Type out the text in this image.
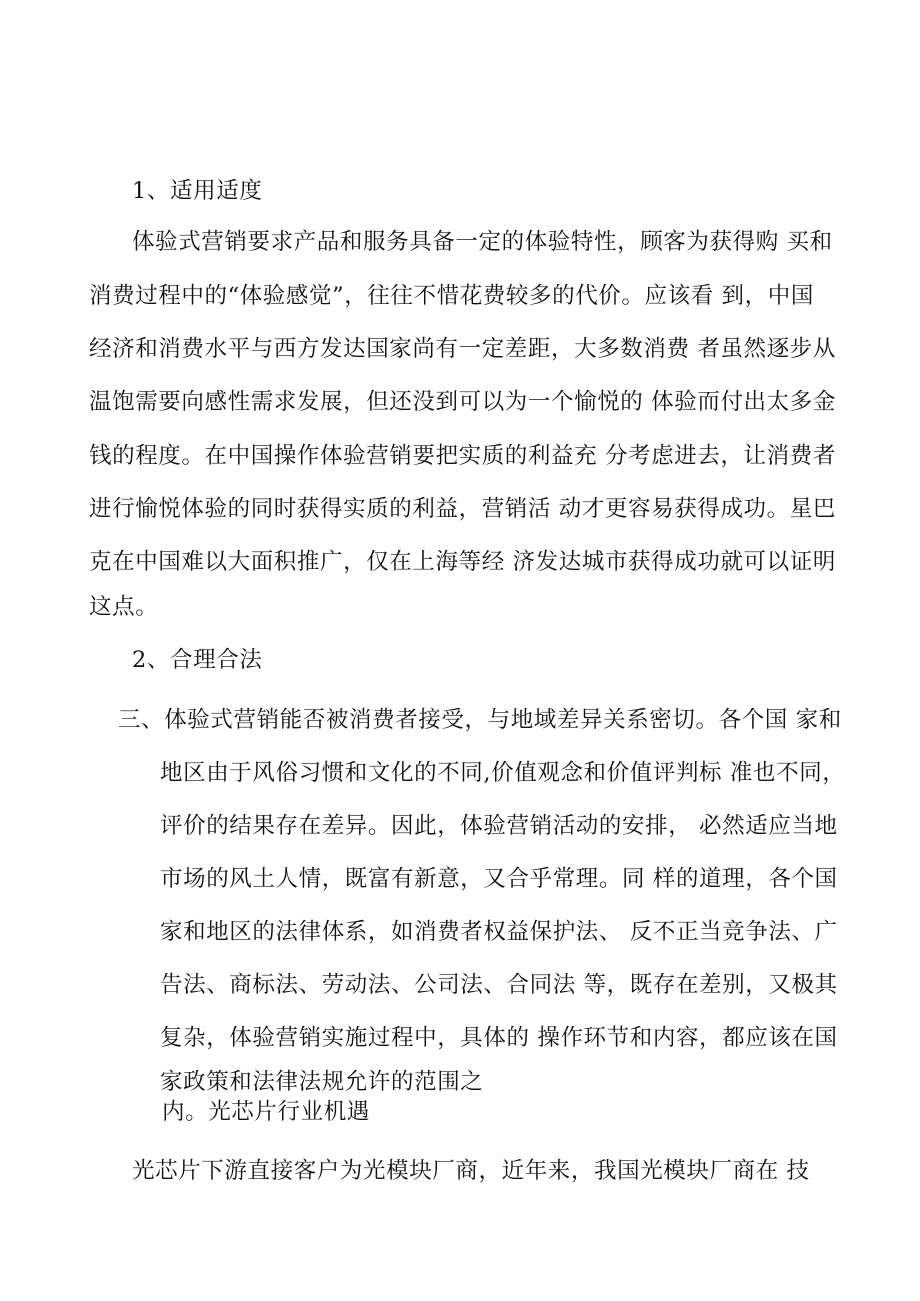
1、适用适度
体验式营销要求产品和服务具备一定的体验特性，顾客为获得购 买和
消费过程中的“体验感觉”，往往不惜花费较多的代价。应该看 到，中国
经济和消费水平与西方发达国家尚有一定差距，大多数消费 者虽然逐步从
温饱需要向感性需求发展，但还没到可以为一个愉悦的 体验而付出太多金
钱的程度。在中国操作体验营销要把实质的利益充 分考虑进去，让消费者
进行愉悦体验的同时获得实质的利益，营销活 动才更容易获得成功。星巴
克在中国难以大面积推广，仅在上海等经 济发达城市获得成功就可以证明
这点。
2、合理合法
三、体验式营销能否被消费者接受，与地域差异关系密切。各个国 家和
地区由于风俗习惯和文化的不同,价值观念和价值评判标 准也不同，
评价的结果存在差异。因此，体验营销活动的安排， 必然适应当地
市场的风土人情，既富有新意，又合乎常理。同 样的道理，各个国
家和地区的法律体系，如消费者权益保护法、 反不正当竞争法、广
告法、商标法、劳动法、公司法、合同法 等，既存在差别，又极其
复杂，体验营销实施过程中，具体的 操作环节和内容，都应该在国
家政策和法律法规允许的范围之
内。光芯片行业机遇
光芯片下游直接客户为光模块厂商，近年来，我国光模块厂商在 技
